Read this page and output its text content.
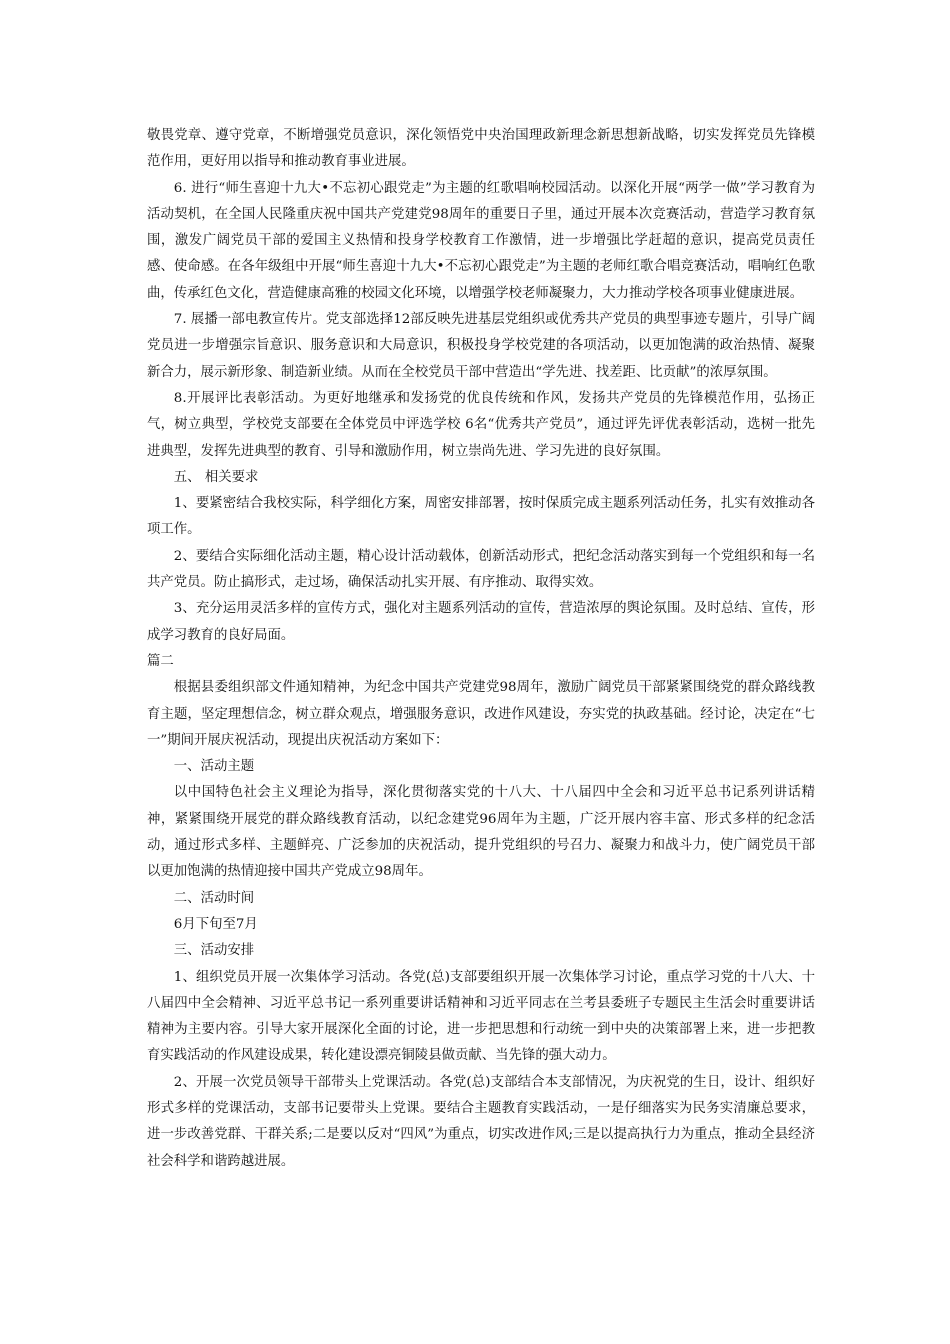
敬畏党章、遵守党章，不断增强党员意识，深化领悟党中央治国理政新理念新思想新战略，切实发挥党员先锋模范作用，更好用以指导和推动教育事业进展。

6. 进行“师生喜迎十九大•不忘初心跟党走”为主题的红歌唱响校园活动。以深化开展“两学一做”学习教育为活动契机，在全国人民隆重庆祝中国共产党建党98周年的重要日子里，通过开展本次竞赛活动，营造学习教育氛围，激发广阔党员干部的爱国主义热情和投身学校教育工作激情，进一步增强比学赶超的意识，提高党员责任感、使命感。在各年级组中开展“师生喜迎十九大•不忘初心跟党走”为主题的老师红歌合唱竞赛活动，唱响红色歌曲，传承红色文化，营造健康高雅的校园文化环境，以增强学校老师凝聚力，大力推动学校各项事业健康进展。

7. 展播一部电教宣传片。党支部选择12部反映先进基层党组织或优秀共产党员的典型事迹专题片，引导广阔党员进一步增强宗旨意识、服务意识和大局意识，积极投身学校党建的各项活动，以更加饱满的政治热情、凝聚新合力，展示新形象、制造新业绩。从而在全校党员干部中营造出“学先进、找差距、比贡献”的浓厚氛围。

8.开展评比表彰活动。为更好地继承和发扬党的优良传统和作风，发扬共产党员的先锋模范作用，弘扬正气，树立典型，学校党支部要在全体党员中评选学校 6名“优秀共产党员”，通过评先评优表彰活动，选树一批先进典型，发挥先进典型的教育、引导和激励作用，树立崇尚先进、学习先进的良好氛围。

五、 相关要求

1、要紧密结合我校实际，科学细化方案，周密安排部署，按时保质完成主题系列活动任务，扎实有效推动各项工作。

2、要结合实际细化活动主题，精心设计活动载体，创新活动形式，把纪念活动落实到每一个党组织和每一名共产党员。防止搞形式，走过场，确保活动扎实开展、有序推动、取得实效。

3、充分运用灵活多样的宣传方式，强化对主题系列活动的宣传，营造浓厚的舆论氛围。及时总结、宣传，形成学习教育的良好局面。

篇二

根据县委组织部文件通知精神，为纪念中国共产党建党98周年，激励广阔党员干部紧紧围绕党的群众路线教育主题，坚定理想信念，树立群众观点，增强服务意识，改进作风建设，夯实党的执政基础。经讨论，决定在“七一”期间开展庆祝活动，现提出庆祝活动方案如下：

一、活动主题

以中国特色社会主义理论为指导，深化贯彻落实党的十八大、十八届四中全会和习近平总书记系列讲话精神，紧紧围绕开展党的群众路线教育活动，以纪念建党96周年为主题，广泛开展内容丰富、形式多样的纪念活动，通过形式多样、主题鲜亮、广泛参加的庆祝活动，提升党组织的号召力、凝聚力和战斗力，使广阔党员干部以更加饱满的热情迎接中国共产党成立98周年。

二、活动时间

6月下旬至7月

三、活动安排

1、组织党员开展一次集体学习活动。各党(总)支部要组织开展一次集体学习讨论，重点学习党的十八大、十八届四中全会精神、习近平总书记一系列重要讲话精神和习近平同志在兰考县委班子专题民主生活会时重要讲话精神为主要内容。引导大家开展深化全面的讨论，进一步把思想和行动统一到中央的决策部署上来，进一步把教育实践活动的作风建设成果，转化建设漂亮铜陵县做贡献、当先锋的强大动力。

2、开展一次党员领导干部带头上党课活动。各党(总)支部结合本支部情况，为庆祝党的生日，设计、组织好形式多样的党课活动，支部书记要带头上党课。要结合主题教育实践活动，一是仔细落实为民务实清廉总要求，进一步改善党群、干群关系;二是要以反对“四风”为重点，切实改进作风;三是以提高执行力为重点，推动全县经济社会科学和谐跨越进展。
